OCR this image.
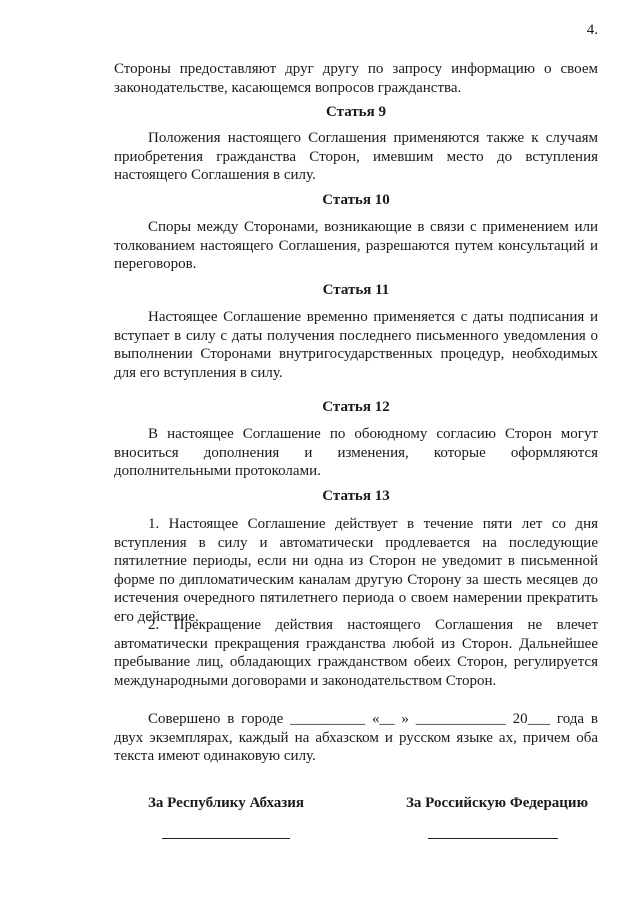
4.
Стороны предоставляют друг другу по запросу информацию о своем законодательстве, касающемся вопросов гражданства.
Статья 9
Положения настоящего Соглашения применяются также к случаям приобретения гражданства Сторон, имевшим место до вступления настоящего Соглашения в силу.
Статья 10
Споры между Сторонами, возникающие в связи с применением или толкованием настоящего Соглашения, разрешаются путем консультаций и переговоров.
Статья 11
Настоящее Соглашение временно применяется с даты подписания и вступает в силу с даты получения последнего письменного уведомления о выполнении Сторонами внутригосударственных процедур, необходимых для его вступления в силу.
Статья 12
В настоящее Соглашение по обоюдному согласию Сторон могут вноситься дополнения и изменения, которые оформляются дополнительными протоколами.
Статья 13
1. Настоящее Соглашение действует в течение пяти лет со дня вступления в силу и автоматически продлевается на последующие пятилетние периоды, если ни одна из Сторон не уведомит в письменной форме по дипломатическим каналам другую Сторону за шесть месяцев до истечения очередного пятилетнего периода о своем намерении прекратить его действие.
2. Прекращение действия настоящего Соглашения не влечет автоматически прекращения гражданства любой из Сторон. Дальнейшее пребывание лиц, обладающих гражданством обеих Сторон, регулируется международными договорами и законодательством Сторон.
Совершено в городе __________ «__ » ____________ 20___ года в двух экземплярах, каждый на абхазском и русском языке ах, причем оба текста имеют одинаковую силу.
За Республику Абхазия	За Российскую Федерацию
